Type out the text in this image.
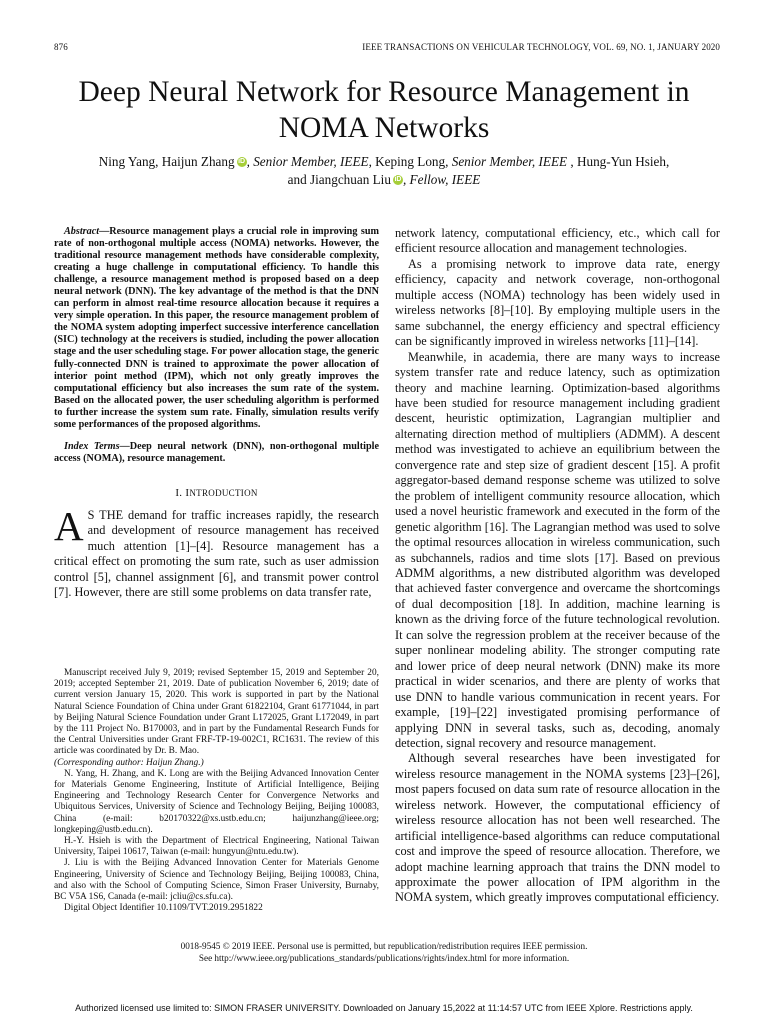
876	IEEE TRANSACTIONS ON VEHICULAR TECHNOLOGY, VOL. 69, NO. 1, JANUARY 2020
Deep Neural Network for Resource Management in NOMA Networks
Ning Yang, Haijun Zhang iD , Senior Member, IEEE, Keping Long, Senior Member, IEEE , Hung-Yun Hsieh,
and Jiangchuan Liu iD , Fellow, IEEE

Abstract—Resource management plays a crucial role in improving sum rate of non-orthogonal multiple access (NOMA) networks. However, the traditional resource management methods have considerable complexity, creating a huge challenge in computational efficiency. To handle this challenge, a resource management method is proposed based on a deep neural network (DNN). The key advantage of the method is that the DNN can perform in almost real-time resource allocation because it requires a very simple operation. In this paper, the resource management problem of the NOMA system adopting imperfect successive interference cancellation (SIC) technology at the receivers is studied, including the power allocation stage and the user scheduling stage. For power allocation stage, the generic fully-connected DNN is trained to approximate the power allocation of interior point method (IPM), which not only greatly improves the computational efficiency but also increases the sum rate of the system. Based on the allocated power, the user scheduling algorithm is performed to further increase the system sum rate. Finally, simulation results verify some performances of the proposed algorithms.

Index Terms—Deep neural network (DNN), non-orthogonal multiple access (NOMA), resource management.

I. INTRODUCTION

A S THE demand for traffic increases rapidly, the research and development of resource management has received much attention [1]–[4]. Resource management has a critical effect on promoting the sum rate, such as user admission control [5], channel assignment [6], and transmit power control [7]. However, there are still some problems on data transfer rate,

Manuscript received July 9, 2019; revised September 15, 2019 and September 20, 2019; accepted September 21, 2019. Date of publication November 6, 2019; date of current version January 15, 2020. This work is supported in part by the National Natural Science Foundation of China under Grant 61822104, Grant 61771044, in part by Beijing Natural Science Foundation under Grant L172025, Grant L172049, in part by the 111 Project No. B170003, and in part by the Fundamental Research Funds for the Central Universities under Grant FRF-TP-19-002C1, RC1631. The review of this article was coordinated by Dr. B. Mao.
(Corresponding author: Haijun Zhang.)

N. Yang, H. Zhang, and K. Long are with the Beijing Advanced Innovation Center for Materials Genome Engineering, Institute of Artificial Intelligence, Beijing Engineering and Technology Research Center for Convergence Networks and Ubiquitous Services, University of Science and Technology Beijing, Beijing 100083, China (e-mail: b20170322@xs.ustb.edu.cn; haijunzhang@ieee.org; longkeping@ustb.edu.cn).

H.-Y. Hsieh is with the Department of Electrical Engineering, National Taiwan University, Taipei 10617, Taiwan (e-mail: hungyun@ntu.edu.tw).

J. Liu is with the Beijing Advanced Innovation Center for Materials Genome Engineering, University of Science and Technology Beijing, Beijing 100083, China, and also with the School of Computing Science, Simon Fraser University, Burnaby, BC V5A 1S6, Canada (e-mail: jcliu@cs.sfu.ca).

Digital Object Identifier 10.1109/TVT.2019.2951822

network latency, computational efficiency, etc., which call for efficient resource allocation and management technologies.

As a promising network to improve data rate, energy efficiency, capacity and network coverage, non-orthogonal multiple access (NOMA) technology has been widely used in wireless networks [8]–[10]. By employing multiple users in the same subchannel, the energy efficiency and spectral efficiency can be significantly improved in wireless networks [11]–[14].

Meanwhile, in academia, there are many ways to increase system transfer rate and reduce latency, such as optimization theory and machine learning. Optimization-based algorithms have been studied for resource management including gradient descent, heuristic optimization, Lagrangian multiplier and alternating direction method of multipliers (ADMM). A descent method was investigated to achieve an equilibrium between the convergence rate and step size of gradient descent [15]. A profit aggregator-based demand response scheme was utilized to solve the problem of intelligent community resource allocation, which used a novel heuristic framework and executed in the form of the genetic algorithm [16]. The Lagrangian method was used to solve the optimal resources allocation in wireless communication, such as subchannels, radios and time slots [17]. Based on previous ADMM algorithms, a new distributed algorithm was developed that achieved faster convergence and overcame the shortcomings of dual decomposition [18]. In addition, machine learning is known as the driving force of the future technological revolution. It can solve the regression problem at the receiver because of the super nonlinear modeling ability. The stronger computing rate and lower price of deep neural network (DNN) make its more practical in wider scenarios, and there are plenty of works that use DNN to handle various communication in recent years. For example, [19]–[22] investigated promising performance of applying DNN in several tasks, such as, decoding, anomaly detection, signal recovery and resource management.

Although several researches have been investigated for wireless resource management in the NOMA systems [23]–[26], most papers focused on data sum rate of resource allocation in the wireless network. However, the computational efficiency of wireless resource allocation has not been well researched. The artificial intelligence-based algorithms can reduce computational cost and improve the speed of resource allocation. Therefore, we adopt machine learning approach that trains the DNN model to approximate the power allocation of IPM algorithm in the NOMA system, which greatly improves computational efficiency.

0018-9545 © 2019 IEEE. Personal use is permitted, but republication/redistribution requires IEEE permission.

See http://www.ieee.org/publications_standards/publications/rights/index.html for more information.

Authorized licensed use limited to: SIMON FRASER UNIVERSITY. Downloaded on January 15,2022 at 11:14:57 UTC from IEEE Xplore. Restrictions apply.
